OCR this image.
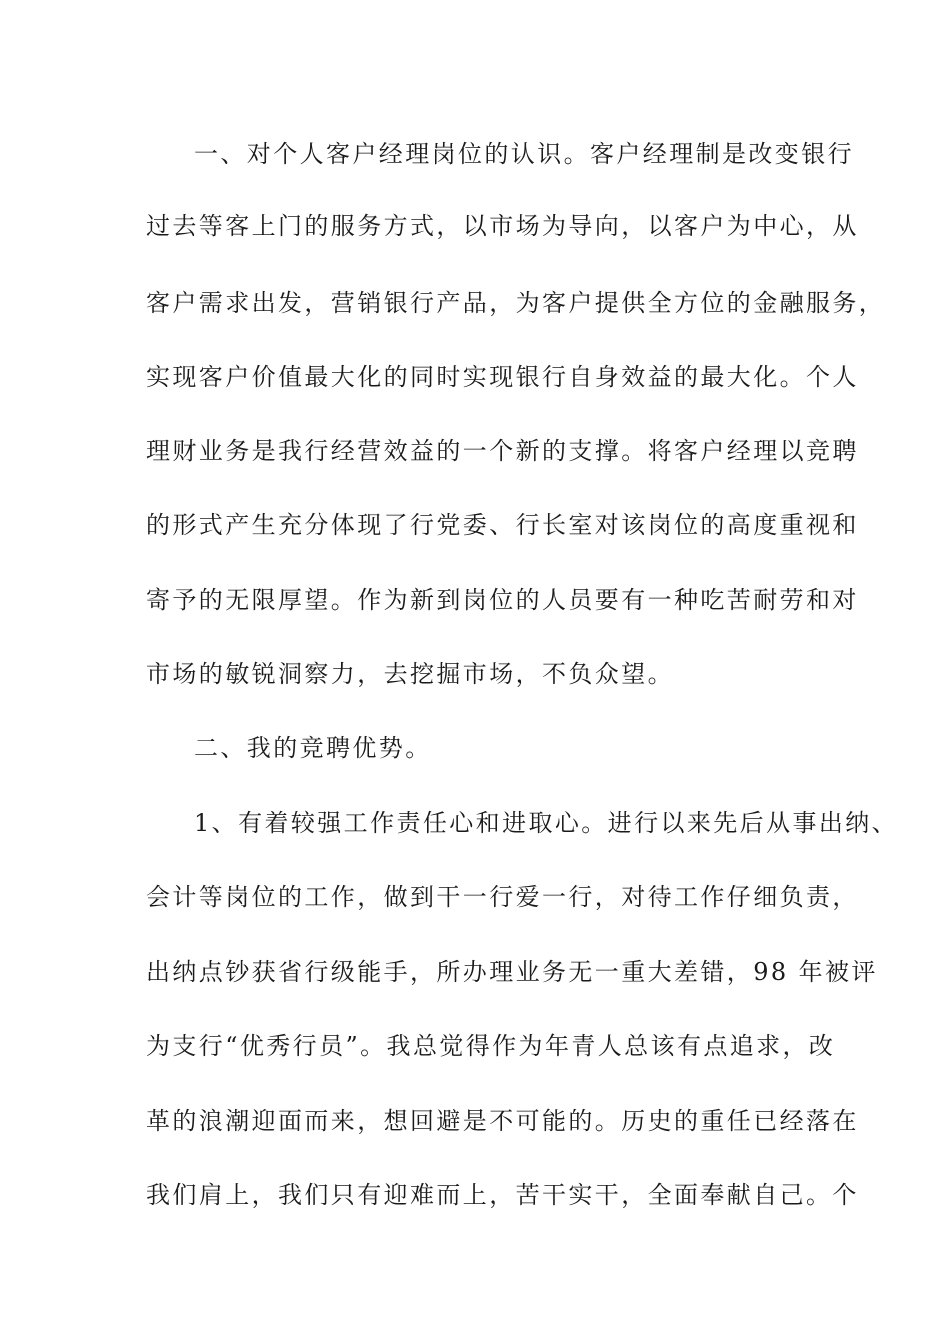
一、对个人客户经理岗位的认识。客户经理制是改变银行
过去等客上门的服务方式，以市场为导向，以客户为中心，从
客户需求出发，营销银行产品，为客户提供全方位的金融服务，
实现客户价值最大化的同时实现银行自身效益的最大化。个人
理财业务是我行经营效益的一个新的支撑。将客户经理以竞聘
的形式产生充分体现了行党委、行长室对该岗位的高度重视和
寄予的无限厚望。作为新到岗位的人员要有一种吃苦耐劳和对
市场的敏锐洞察力，去挖掘市场，不负众望。
二、我的竞聘优势。
1、有着较强工作责任心和进取心。进行以来先后从事出纳、
会计等岗位的工作，做到干一行爱一行，对待工作仔细负责，
出纳点钞获省行级能手，所办理业务无一重大差错，98 年被评
为支行“优秀行员”。我总觉得作为年青人总该有点追求，改
革的浪潮迎面而来，想回避是不可能的。历史的重任已经落在
我们肩上，我们只有迎难而上，苦干实干，全面奉献自己。个
